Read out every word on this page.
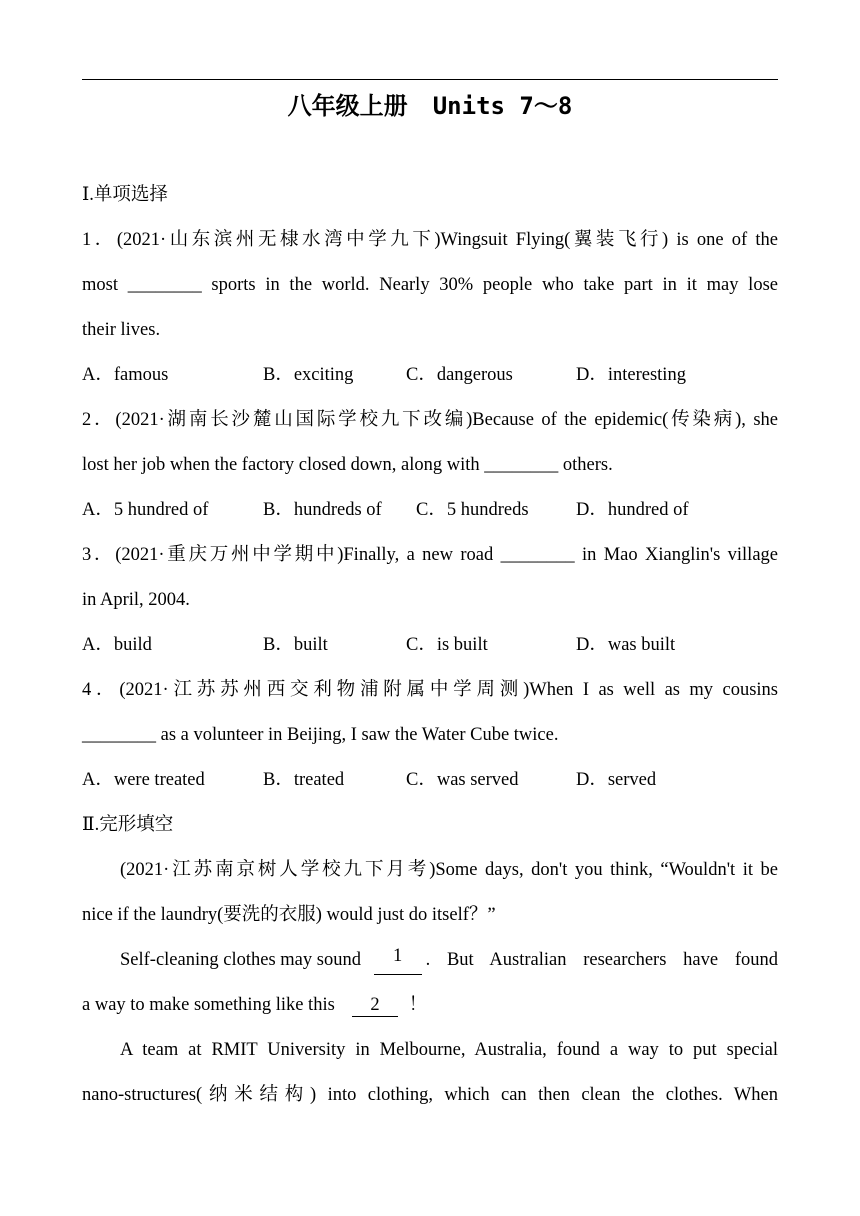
八年级上册 Units 7～8
Ⅰ.单项选择
1．(2021·山东滨州无棣水湾中学九下)Wingsuit Flying(翼装飞行) is one of the
most ________ sports in the world. Nearly 30% people who take part in it may lose
their lives.
A．famous	B．exciting	C．dangerous	D．interesting
2．(2021·湖南长沙麓山国际学校九下改编)Because of the epidemic(传染病), she
lost her job when the factory closed down, along with ________ others.
A．5 hundred of	B．hundreds of C．5 hundreds	D．hundred of
3．(2021·重庆万州中学期中)Finally, a new road ________ in Mao Xianglin's village
in April, 2004.
A．build	B．built	C．is built	D．was built
4．(2021·江苏苏州西交利物浦附属中学周测)When I as well as my cousins
________ as a volunteer in Beijing, I saw the Water Cube twice.
A．were treated	B．treated	C．was served	D．served
Ⅱ.完形填空
(2021·江苏南京树人学校九下月考)Some days, don't you think, “Wouldn't it be
nice if the laundry(要洗的衣服) would just do itself？”
Self-cleaning clothes may sound	1	. But Australian researchers have found
a way to make something like this  2 ！
A team at RMIT University in Melbourne, Australia, found a way to put special
nano-structures(纳米结构) into clothing, which can then clean the clothes. When
